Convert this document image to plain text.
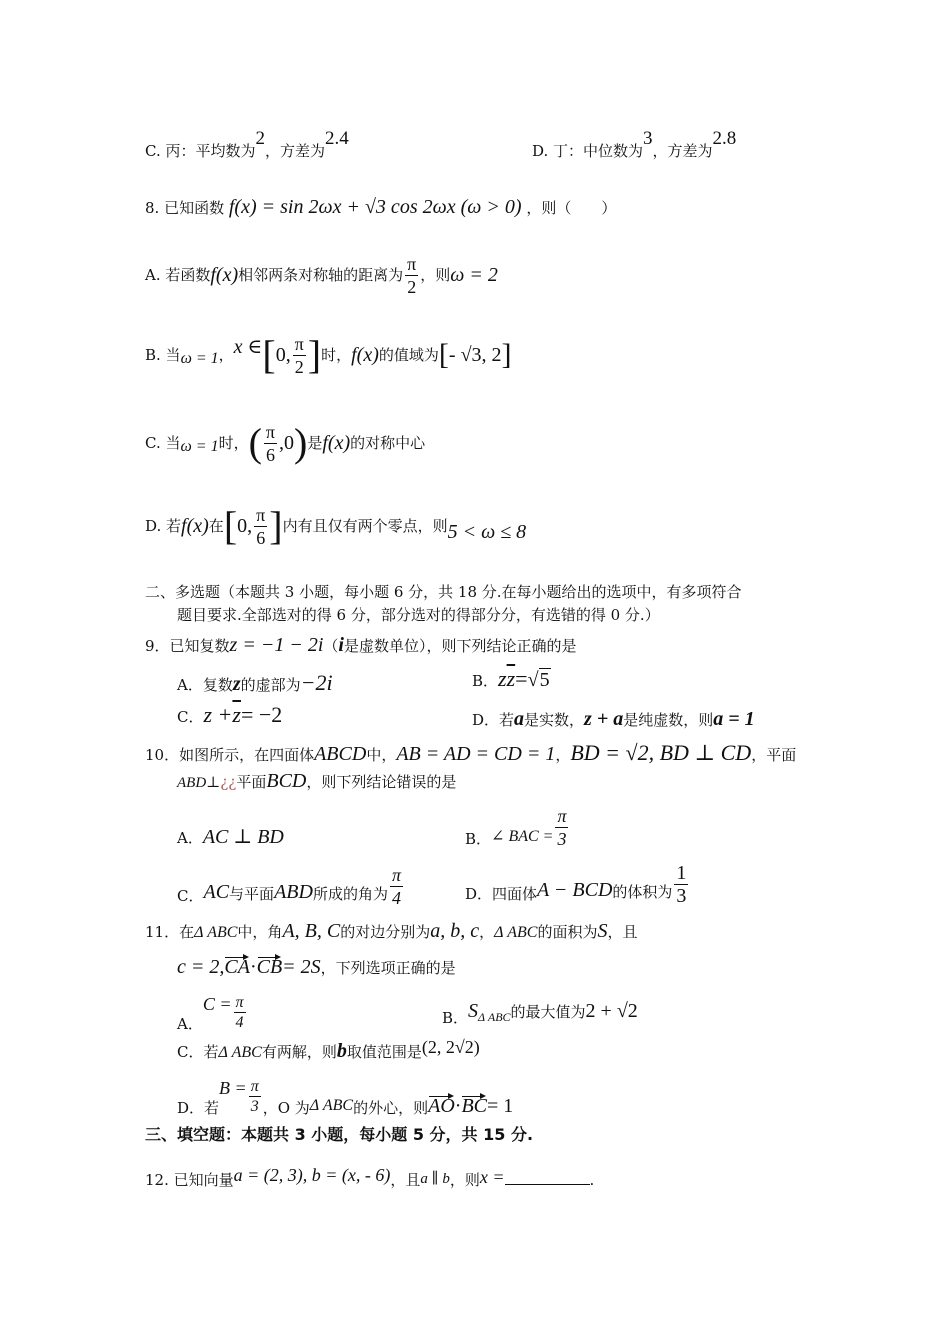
C. 丙：平均数为2，方差为2.4
D. 丁：中位数为3，方差为2.8
8. 已知函数 f(x) = sin 2ωx + √3 cos 2ωx (ω > 0) ，则（　　）
A. 若函数 f(x) 相邻两条对称轴的距离为 $\frac{\pi}{2}$ ，则 ω = 2
B. 当 ω = 1 ， x ∈ [ 0, $\frac{\pi}{2}$ ] 时， f(x) 的值域为 [ - √3, 2 ]
C. 当 ω = 1 时， ( $\frac{\pi}{6} ,0$ ) 是 f(x) 的对称中心
D. 若 f(x) 在 [ 0, $\frac{\pi}{6}$ ] 内有且仅有两个零点，则 5 < ω ≤ 8
二、多选题（本题共 3 小题，每小题 6 分，共 18 分.在每小题给出的选项中，有多项符合
题目要求.全部选对的得 6 分，部分选对的得部分分，有选错的得 0 分.）
9．已知复数z = −1 − 2i（i是虚数单位），则下列结论正确的是
A．复数z的虚部为−2i	B．$z\overline{z}=√5$
C．$z +\overline{z}= -2$	D．若a是实数，z + a是纯虚数，则a = 1
10．如图所示，在四面体ABCD中，AB = AD = CD = 1，BD = √2, BD ⊥ CD，平面
ABD⊥¿¿平面BCD，则下列结论错误的是
A．AC ⊥ BD	B． ∠ BAC = $\frac{\pi}{3}$
C． AC 与平面 ABD 所成的角为 $\frac{\pi}{4}$	D．四面体 A − BCD 的体积为 $\frac{1}{3}$
11．在Δ ABC中，角A, B, C的对边分别为a, b, c，Δ ABC的面积为S，且
c = 2,CA·CB= 2S，下列选项正确的是
A．
$C = \frac{\pi}{4}$	B．$S_{\Delta ABC}$的最大值为2 + √2
C．若Δ ABC有两解，则b取值范围是(2, 2√2)
D．若
$B = \frac{\pi}{3}$ ，O 为 Δ ABC 的外心，则 AO · BC = 1
三、填空题：本题共 3 小题，每小题 5 分，共 15 分.
12. 已知向量a = (2, 3), b = (x, - 6)，且a ∥ b，则x =	.
